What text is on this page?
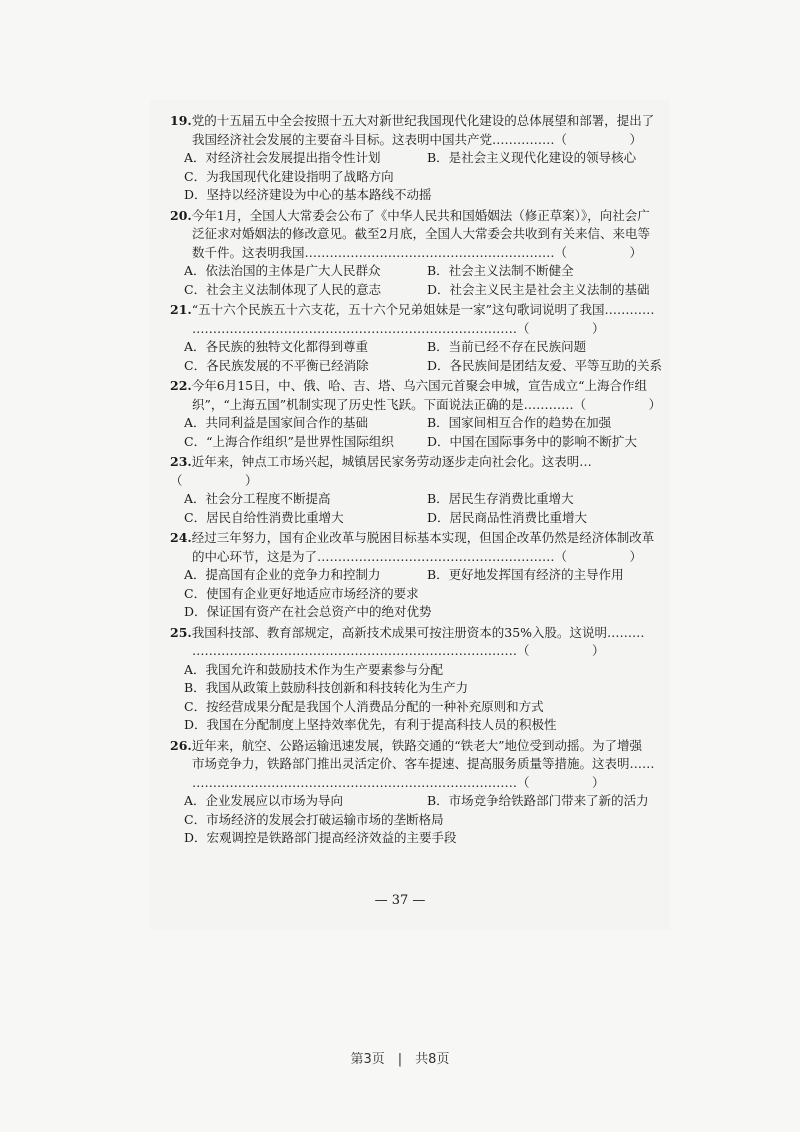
19.党的十五届五中全会按照十五大对新世纪我国现代化建设的总体展望和部署，提出了
我国经济社会发展的主要奋斗目标。这表明中国共产党……………（　　　　　）
A．对经济社会发展提出指令性计划	B．是社会主义现代化建设的领导核心
C．为我国现代化建设指明了战略方向
D．坚持以经济建设为中心的基本路线不动摇
20.今年1月，全国人大常委会公布了《中华人民共和国婚姻法（修正草案）》，向社会广
泛征求对婚姻法的修改意见。截至2月底，全国人大常委会共收到有关来信、来电等
数千件。这表明我国……………………………………………………（　　　　　）
A．依法治国的主体是广大人民群众	B．社会主义法制不断健全
C．社会主义法制体现了人民的意志	D．社会主义民主是社会主义法制的基础
21.“五十六个民族五十六支花，五十六个兄弟姐妹是一家”这句歌词说明了我国…………
……………………………………………………………………（　　　　　）
A．各民族的独特文化都得到尊重	B．当前已经不存在民族问题
C．各民族发展的不平衡已经消除	D．各民族间是团结友爱、平等互助的关系
22.今年6月15日，中、俄、哈、吉、塔、乌六国元首聚会申城，宣告成立“上海合作组
织”，“上海五国”机制实现了历史性飞跃。下面说法正确的是…………（　　　　　）
A．共同利益是国家间合作的基础	B．国家间相互合作的趋势在加强
C．“上海合作组织”是世界性国际组织	D．中国在国际事务中的影响不断扩大
23.近年来，钟点工市场兴起，城镇居民家务劳动逐步走向社会化。这表明…（　　　　　）
A．社会分工程度不断提高	B．居民生存消费比重增大
C．居民自给性消费比重增大	D．居民商品性消费比重增大
24.经过三年努力，国有企业改革与脱困目标基本实现，但国企改革仍然是经济体制改革
的中心环节，这是为了…………………………………………………（　　　　　）
A．提高国有企业的竞争力和控制力	B．更好地发挥国有经济的主导作用
C．使国有企业更好地适应市场经济的要求
D．保证国有资产在社会总资产中的绝对优势
25.我国科技部、教育部规定，高新技术成果可按注册资本的35%入股。这说明………
……………………………………………………………………（　　　　　）
A．我国允许和鼓励技术作为生产要素参与分配
B．我国从政策上鼓励科技创新和科技转化为生产力
C．按经营成果分配是我国个人消费品分配的一种补充原则和方式
D．我国在分配制度上坚持效率优先，有利于提高科技人员的积极性
26.近年来，航空、公路运输迅速发展，铁路交通的“铁老大”地位受到动摇。为了增强
市场竞争力，铁路部门推出灵活定价、客车提速、提高服务质量等措施。这表明……
……………………………………………………………………（　　　　　）
A．企业发展应以市场为导向	B．市场竞争给铁路部门带来了新的活力
C．市场经济的发展会打破运输市场的垄断格局
D．宏观调控是铁路部门提高经济效益的主要手段
— 37 —
第3页　|　共8页
